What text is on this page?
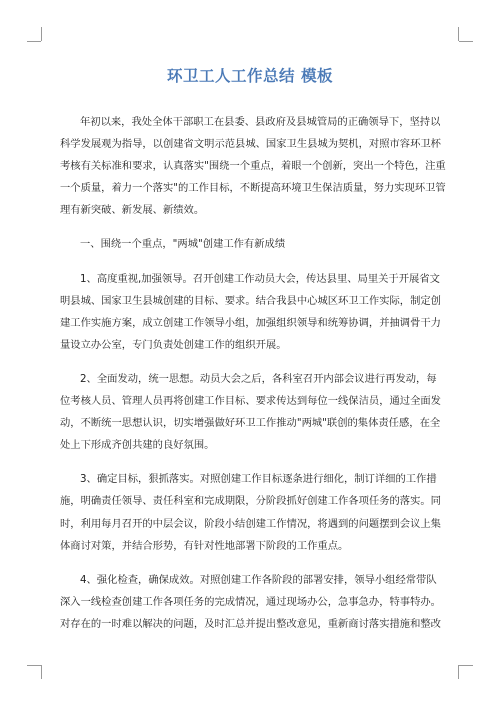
环卫工人工作总结 模板
年初以来，我处全体干部职工在县委、县政府及县城管局的正确领导下，坚持以
科学发展观为指导，以创建省文明示范县城、国家卫生县城为契机，对照市容环卫杯
考核有关标准和要求，认真落实"围绕一个重点，着眼一个创新，突出一个特色，注重
一个质量，着力一个落实"的工作目标，不断提高环境卫生保洁质量，努力实现环卫管
理有新突破、新发展、新绩效。
一、围绕一个重点，"两城"创建工作有新成绩
1、高度重视,加强领导。召开创建工作动员大会，传达县里、局里关于开展省文
明县城、国家卫生县城创建的目标、要求。结合我县中心城区环卫工作实际，制定创
建工作实施方案，成立创建工作领导小组，加强组织领导和统筹协调，并抽调骨干力
量设立办公室，专门负责处创建工作的组织开展。
2、全面发动，统一思想。动员大会之后，各科室召开内部会议进行再发动，每
位考核人员、管理人员再将创建工作目标、要求传达到每位一线保洁员，通过全面发
动，不断统一思想认识，切实增强做好环卫工作推动"两城"联创的集体责任感，在全
处上下形成齐创共建的良好氛围。
3、确定目标，狠抓落实。对照创建工作目标逐条进行细化，制订详细的工作措
施，明确责任领导、责任科室和完成期限，分阶段抓好创建工作各项任务的落实。同
时，利用每月召开的中层会议，阶段小结创建工作情况，将遇到的问题摆到会议上集
体商讨对策，并结合形势，有针对性地部署下阶段的工作重点。
4、强化检查，确保成效。对照创建工作各阶段的部署安排，领导小组经常带队
深入一线检查创建工作各项任务的完成情况，通过现场办公，急事急办，特事特办。
对存在的一时难以解决的问题，及时汇总并提出整改意见，重新商讨落实措施和整改
